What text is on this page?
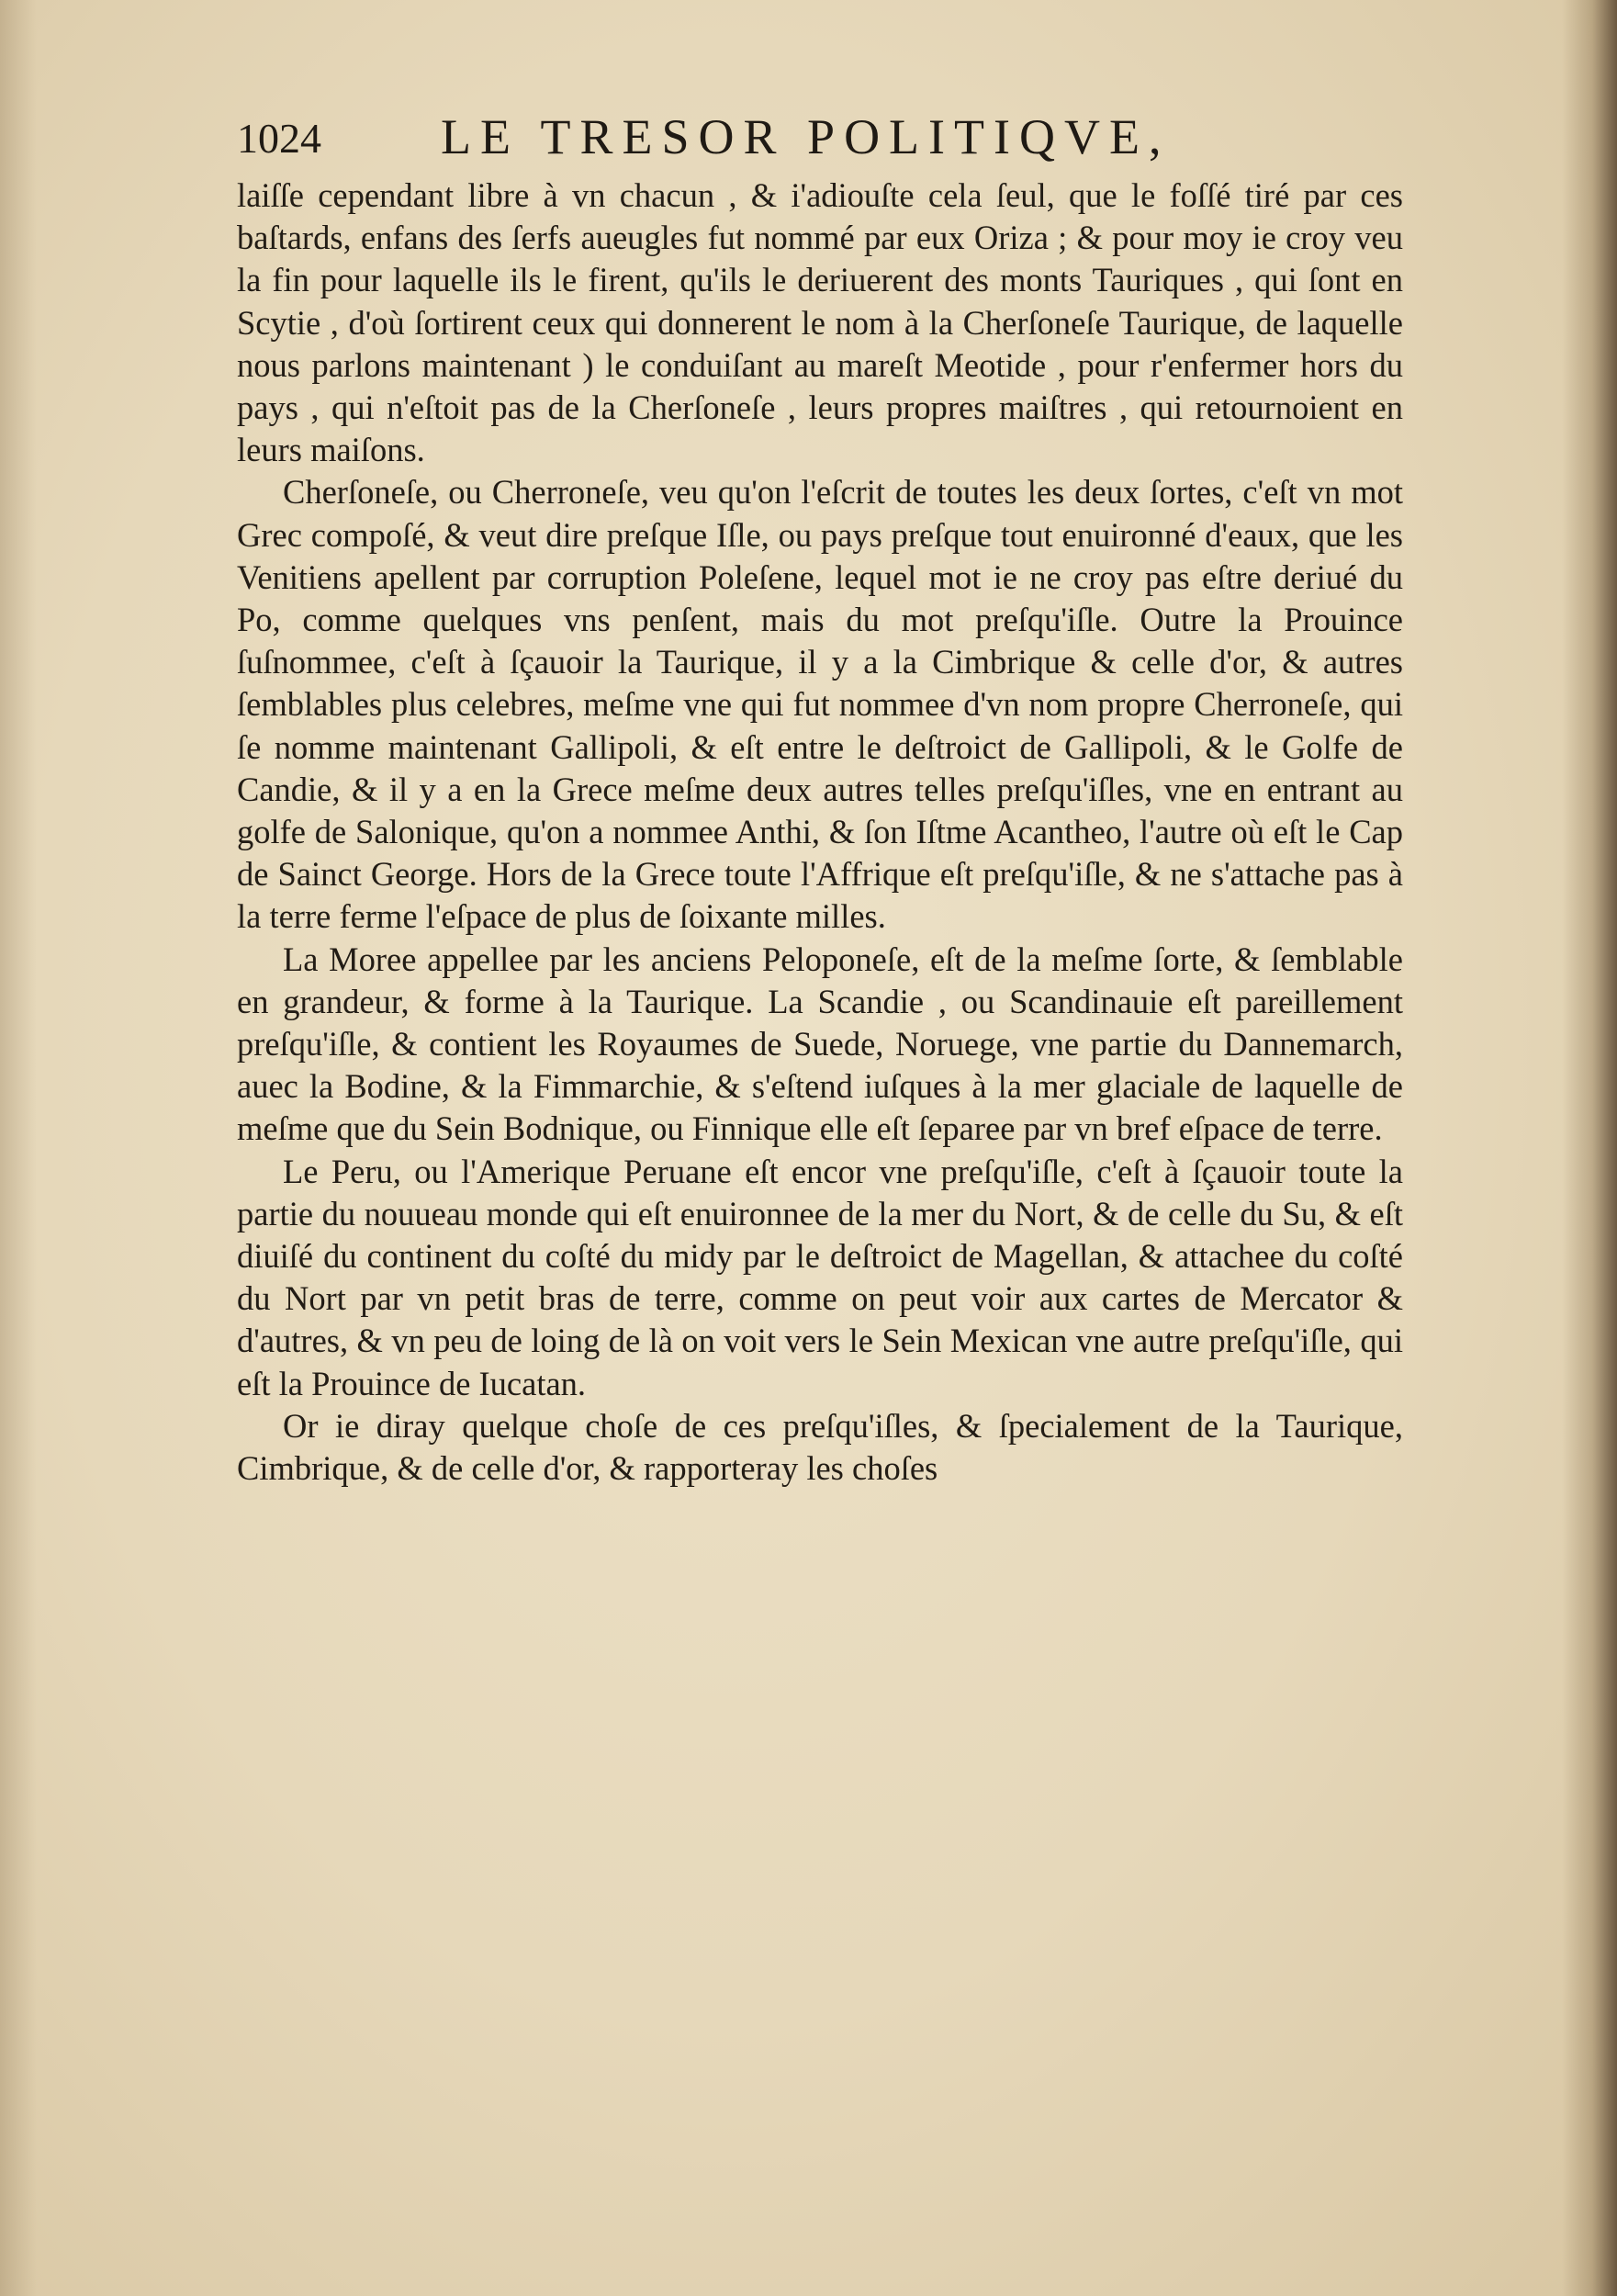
1024 LE TRESOR POLITIQVE,

laiſſe cependant libre à vn chacun , & i'adiouſte cela ſeul, que le foſſé tiré par ces baſtards, enfans des ſerfs aueugles fut nommé par eux Oriza ; & pour moy ie croy veu la fin pour laquelle ils le firent, qu'ils le deriuerent des monts Tauriques , qui ſont en Scytie , d'où ſortirent ceux qui donnerent le nom à la Cherſoneſe Taurique, de laquelle nous parlons maintenant ) le conduiſant au mareſt Meotide , pour r'enfermer hors du pays , qui n'eſtoit pas de la Cherſoneſe , leurs propres maiſtres , qui retournoient en leurs maiſons.

Cherſoneſe, ou Cherroneſe, veu qu'on l'eſcrit de toutes les deux ſortes, c'eſt vn mot Grec compoſé, & veut dire preſque Iſle, ou pays preſque tout enuironné d'eaux, que les Venitiens apellent par corruption Poleſene, lequel mot ie ne croy pas eſtre deriué du Po, comme quelques vns penſent, mais du mot preſqu'iſle. Outre la Prouince ſuſnommee, c'eſt à ſçauoir la Taurique, il y a la Cimbrique & celle d'or, & autres ſemblables plus celebres, meſme vne qui fut nommee d'vn nom propre Cherroneſe, qui ſe nomme maintenant Gallipoli, & eſt entre le deſtroict de Gallipoli, & le Golfe de Candie, & il y a en la Grece meſme deux autres telles preſqu'iſles, vne en entrant au golfe de Salonique, qu'on a nommee Anthi, & ſon Iſtme Acantheo, l'autre où eſt le Cap de Sainct George. Hors de la Grece toute l'Affrique eſt preſqu'iſle, & ne s'attache pas à la terre ferme l'eſpace de plus de ſoixante milles.

La Moree appellee par les anciens Peloponeſe, eſt de la meſme ſorte, & ſemblable en grandeur, & forme à la Taurique. La Scandie , ou Scandinauie eſt pareillement preſqu'iſle, & contient les Royaumes de Suede, Noruege, vne partie du Dannemarch, auec la Bodine, & la Fimmarchie, & s'eſtend iuſques à la mer glaciale de laquelle de meſme que du Sein Bodnique, ou Finnique elle eſt ſeparee par vn bref eſpace de terre.

Le Peru, ou l'Amerique Peruane eſt encor vne preſqu'iſle, c'eſt à ſçauoir toute la partie du nouueau monde qui eſt enuironnee de la mer du Nort, & de celle du Su, & eſt diuiſé du continent du coſté du midy par le deſtroict de Magellan, & attachee du coſté du Nort par vn petit bras de terre, comme on peut voir aux cartes de Mercator & d'autres, & vn peu de loing de là on voit vers le Sein Mexican vne autre preſqu'iſle, qui eſt la Prouince de Iucatan.

Or ie diray quelque choſe de ces preſqu'iſles, & ſpecialement de la Taurique, Cimbrique, & de celle d'or, & rapporteray les choſes
